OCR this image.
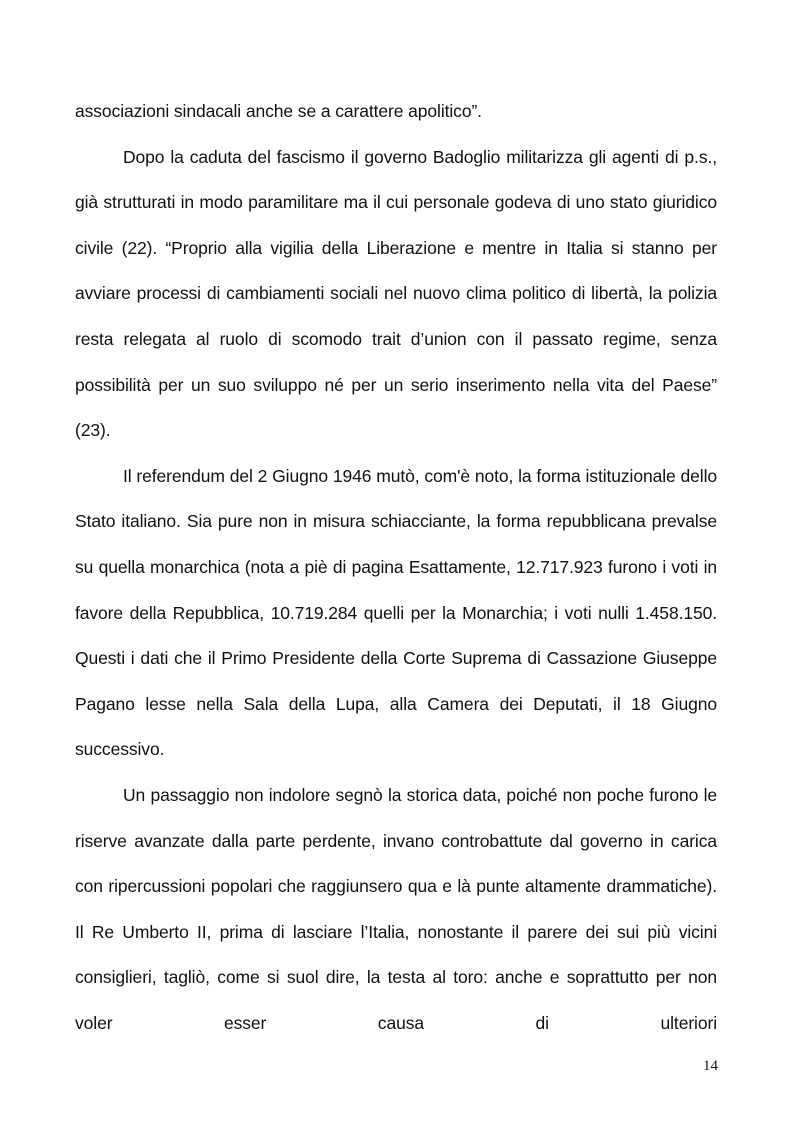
associazioni sindacali anche se a carattere apolitico”.

Dopo la caduta del fascismo il governo Badoglio militarizza gli agenti di p.s., già strutturati in modo paramilitare ma il cui personale godeva di uno stato giuridico civile (22). “Proprio alla vigilia della Liberazione e mentre in Italia si stanno per avviare processi di cambiamenti sociali nel nuovo clima politico di libertà, la polizia resta relegata al ruolo di scomodo trait d’union con il passato regime, senza possibilità per un suo sviluppo né per un serio inserimento nella vita del Paese” (23).

Il referendum del 2 Giugno 1946 mutò, com'è noto, la forma istituzionale dello Stato italiano. Sia pure non in misura schiacciante, la forma repubblicana prevalse su quella monarchica (nota a piè di pagina Esattamente, 12.717.923 furono i voti in favore della Repubblica, 10.719.284 quelli per la Monarchia; i voti nulli 1.458.150. Questi i dati che il Primo Presidente della Corte Suprema di Cassazione Giuseppe Pagano lesse nella Sala della Lupa, alla Camera dei Deputati, il 18 Giugno successivo.

Un passaggio non indolore segnò la storica data, poiché non poche furono le riserve avanzate dalla parte perdente, invano controbattute dal governo in carica con ripercussioni popolari che raggiunsero qua e là punte altamente drammatiche). Il Re Umberto II, prima di lasciare l’Italia, nonostante il parere dei sui più vicini consiglieri, tagliò, come si suol dire, la testa al toro: anche e soprattutto per non voler esser causa di ulteriori

14
